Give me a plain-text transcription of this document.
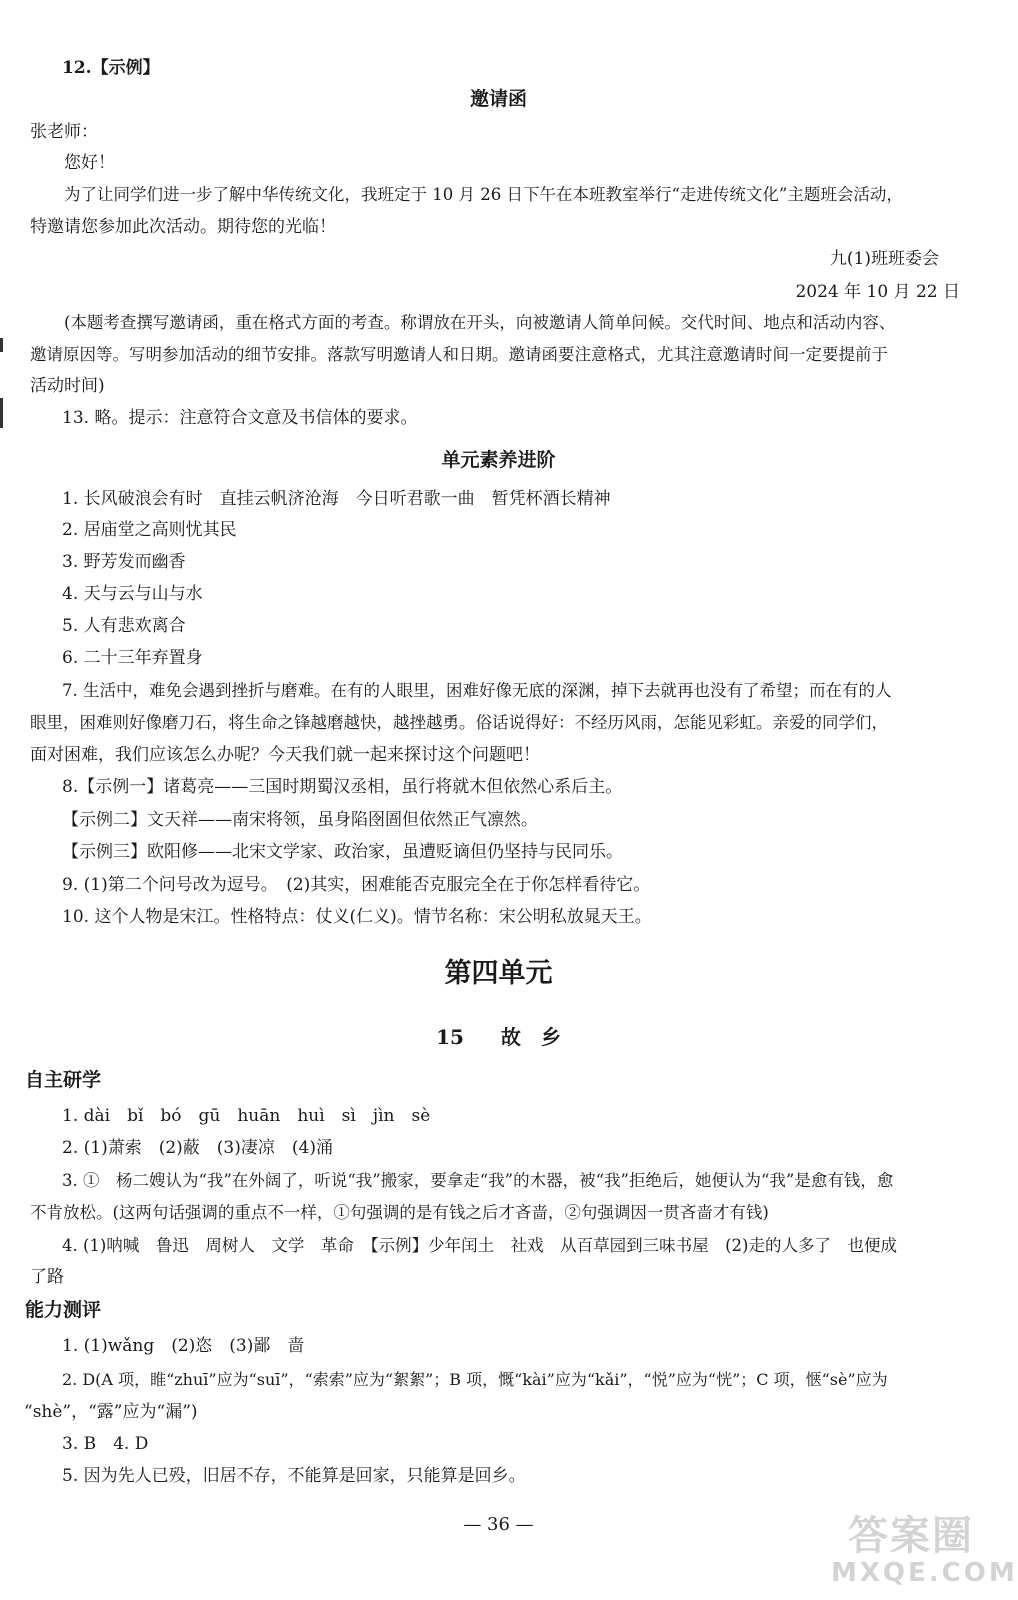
12.【示例】
邀请函
张老师：
您好！
为了让同学们进一步了解中华传统文化，我班定于 10 月 26 日下午在本班教室举行“走进传统文化”主题班会活动，
特邀请您参加此次活动。期待您的光临！
九(1)班班委会
2024 年 10 月 22 日
(本题考查撰写邀请函，重在格式方面的考查。称谓放在开头，向被邀请人简单问候。交代时间、地点和活动内容、
邀请原因等。写明参加活动的细节安排。落款写明邀请人和日期。邀请函要注意格式，尤其注意邀请时间一定要提前于
活动时间)
13. 略。提示：注意符合文意及书信体的要求。
单元素养进阶
1. 长风破浪会有时　直挂云帆济沧海　今日听君歌一曲　暂凭杯酒长精神
2. 居庙堂之高则忧其民
3. 野芳发而幽香
4. 天与云与山与水
5. 人有悲欢离合
6. 二十三年弃置身
7. 生活中，难免会遇到挫折与磨难。在有的人眼里，困难好像无底的深渊，掉下去就再也没有了希望；而在有的人
眼里，困难则好像磨刀石，将生命之锋越磨越快，越挫越勇。俗话说得好：不经历风雨，怎能见彩虹。亲爱的同学们，
面对困难，我们应该怎么办呢？今天我们就一起来探讨这个问题吧！
8.【示例一】诸葛亮——三国时期蜀汉丞相，虽行将就木但依然心系后主。
【示例二】文天祥——南宋将领，虽身陷囹圄但依然正气凛然。
【示例三】欧阳修——北宋文学家、政治家，虽遭贬谪但仍坚持与民同乐。
9. (1)第二个问号改为逗号。　(2)其实，困难能否克服完全在于你怎样看待它。
10. 这个人物是宋江。性格特点：仗义(仁义)。情节名称：宋公明私放晁天王。
第四单元
15 故　乡
自主研学
1. dài　bǐ　bó　gū　huān　huì　sì　jìn　sè
2. (1)萧索　(2)蔽　(3)凄凉　(4)涌
3. ①　杨二嫂认为“我”在外阔了，听说“我”搬家，要拿走“我”的木器，被“我”拒绝后，她便认为“我”是愈有钱，愈
不肯放松。(这两句话强调的重点不一样，①句强调的是有钱之后才吝啬，②句强调因一贯吝啬才有钱)
4. (1)呐喊　鲁迅　周树人　文学　革命　【示例】少年闰土　社戏　从百草园到三味书屋　(2)走的人多了　也便成
了路
能力测评
1. (1)wǎng　(2)恣　(3)鄙　啬
2. D(A 项，睢“zhuī”应为“suī”，“索索”应为“絮絮”；B 项，慨“kài”应为“kǎi”，“悦”应为“恍”；C 项，惬“sè”应为
“shè”，“露”应为“漏”)
3. B　4. D
5. 因为先人已殁，旧居不存，不能算是回家，只能算是回乡。
— 36 —	答案圈
MXQE.COM
